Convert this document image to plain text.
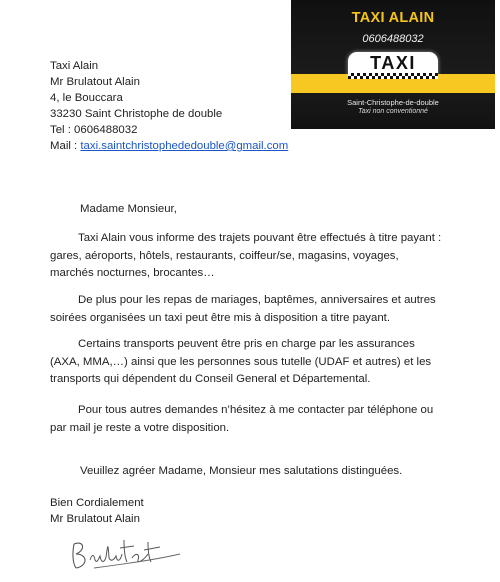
Taxi Alain
Mr Brulatout Alain
4, le Bouccara
33230 Saint Christophe de double
Tel : 0606488032
Mail : taxi.saintchristophededouble@gmail.com
TAXI ALAIN
0606488032
TAXI
Saint-Christophe-de-double
Taxi non conventionné

Madame Monsieur,

Taxi Alain vous informe des trajets pouvant être effectués à titre payant : gares, aéroports, hôtels, restaurants, coiffeur/se, magasins, voyages, marchés nocturnes, brocantes…

De plus pour les repas de mariages, baptêmes, anniversaires et autres soirées organisées un taxi peut être mis à disposition a titre payant.

Certains transports peuvent être pris en charge par les assurances (AXA, MMA,…) ainsi que les personnes sous tutelle (UDAF et autres) et les transports qui dépendent du Conseil General et Départemental.

Pour tous autres demandes n’hésitez à me contacter par téléphone ou par mail je reste a votre disposition.

Veuillez agréer Madame, Monsieur mes salutations distinguées.

Bien Cordialement

Mr Brulatout Alain
